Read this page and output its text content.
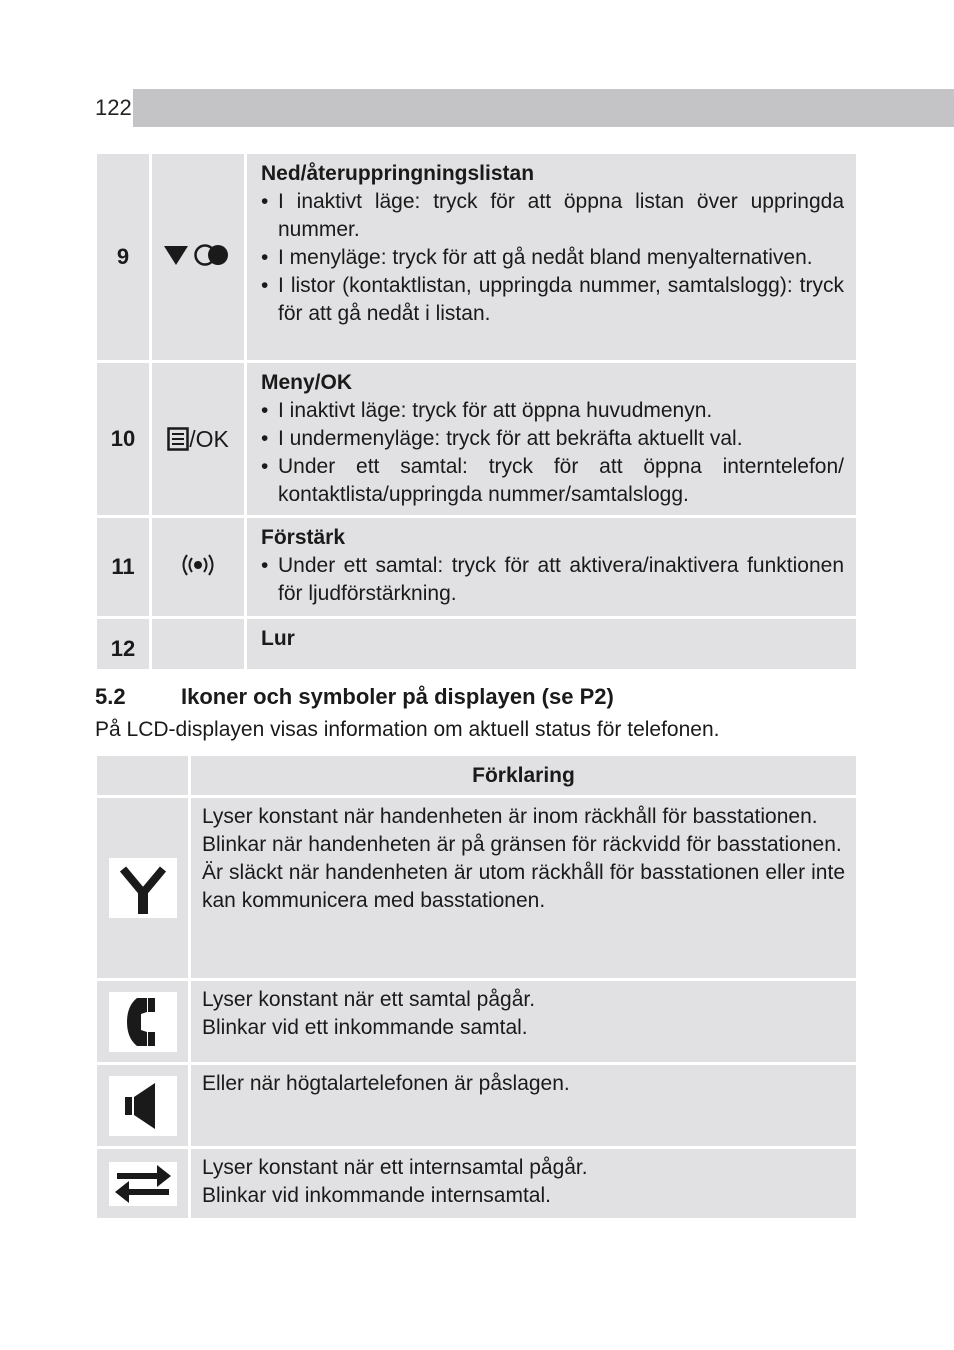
122
9		Ned/återuppringningslistan
• I inaktivt läge: tryck för att öppna listan över uppringda nummer.
• I menyläge: tryck för att gå nedåt bland menyalternativen.
• I listor (kontaktlistan, uppringda nummer, samtalslogg): tryck för att gå nedåt i listan.

10	/OK	Meny/OK
• I inaktivt läge: tryck för att öppna huvudmenyn.
• I undermenyläge: tryck för att bekräfta aktuellt val.
• Under ett samtal: tryck för att öppna interntelefon/ kontaktlista/uppringda nummer/samtalslogg.

11		Förstärk
• Under ett samtal: tryck för att aktivera/inaktivera funktionen för ljudförstärkning.

12		Lur
5.2	Ikoner och symboler på displayen (se P2)
På LCD-displayen visas information om aktuell status för telefonen.
	Förklaring

Lyser konstant när handenheten är inom räckhåll för basstationen.
Blinkar när handenheten är på gränsen för räckvidd för basstationen.
Är släckt när handenheten är utom räckhåll för basstationen eller inte kan kommunicera med basstationen.

Lyser konstant när ett samtal pågår.
Blinkar vid ett inkommande samtal.

Eller när högtalartelefonen är påslagen.

Lyser konstant när ett internsamtal pågår.
Blinkar vid inkommande internsamtal.
